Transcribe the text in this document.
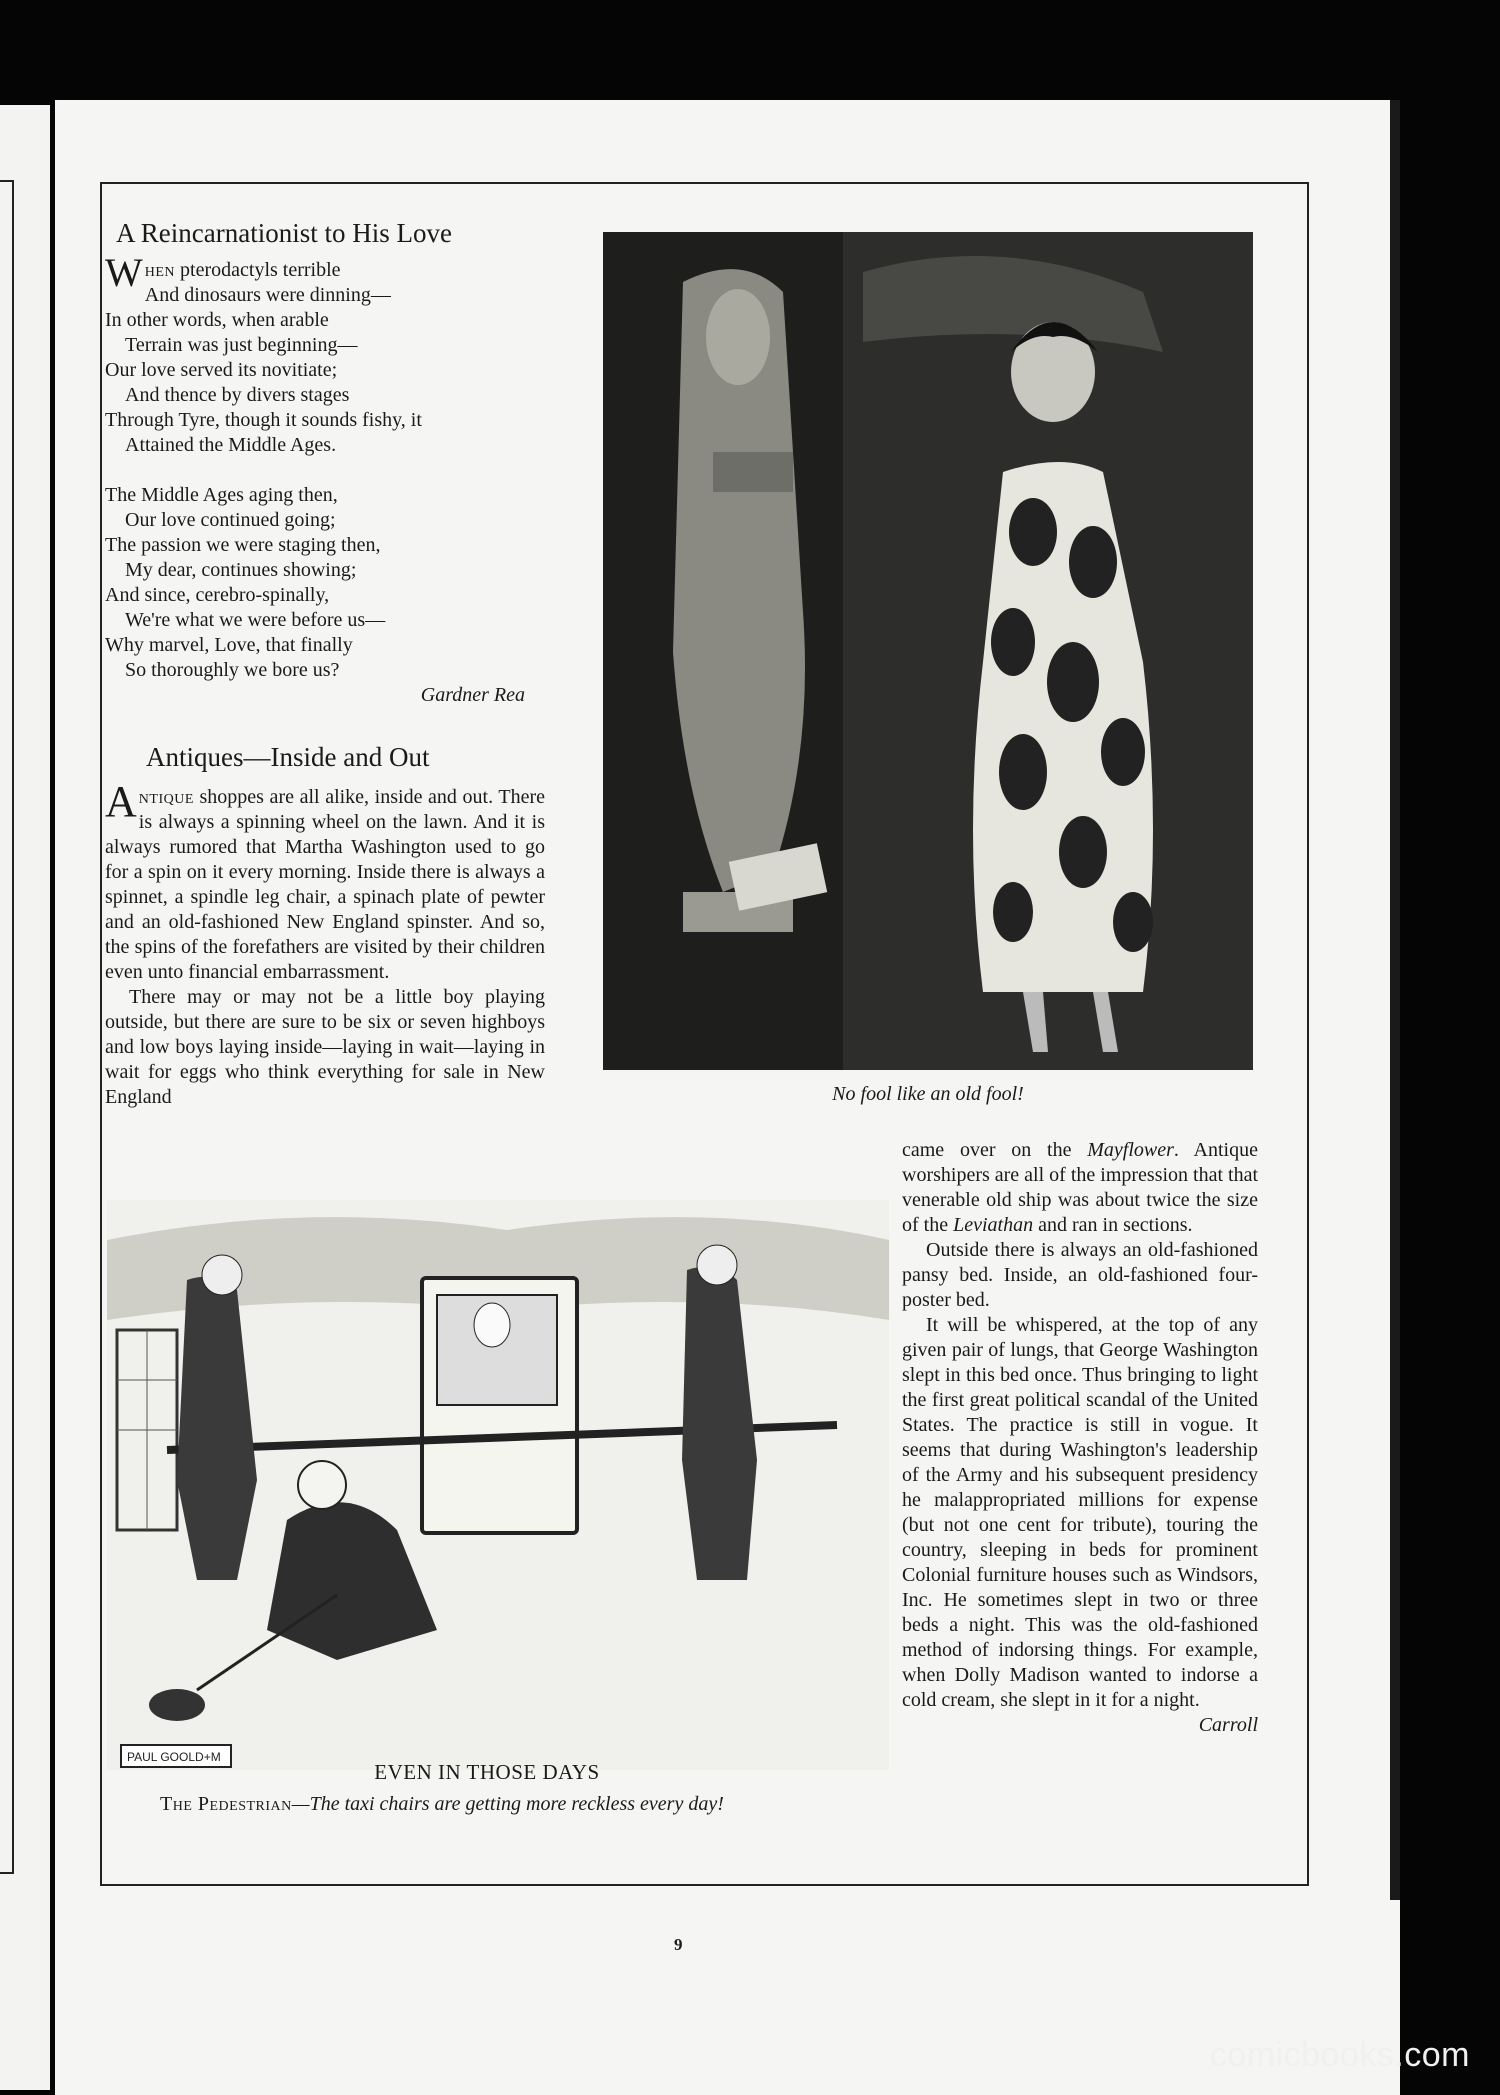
A Reincarnationist to His Love
When pterodactyls terrible
And dinosaurs were dinning—
In other words, when arable
Terrain was just beginning—
Our love served its novitiate;
And thence by divers stages
Through Tyre, though it sounds fishy, it
Attained the Middle Ages.
The Middle Ages aging then,
Our love continued going;
The passion we were staging then,
My dear, continues showing;
And since, cerebro-spinally,
We're what we were before us—
Why marvel, Love, that finally
So thoroughly we bore us?
Gardner Rea
Antiques—Inside and Out

Antique shoppes are all alike, inside and out. There is always a spinning wheel on the lawn. And it is always rumored that Martha Washington used to go for a spin on it every morning. Inside there is always a spinnet, a spindle leg chair, a spinach plate of pewter and an old-fashioned New England spinster. And so, the spins of the forefathers are visited by their children even unto financial embarrassment.

There may or may not be a little boy playing outside, but there are sure to be six or seven highboys and low boys laying inside—laying in wait—laying in wait for eggs who think everything for sale in New England

came over on the Mayflower. Antique worshipers are all of the impression that that venerable old ship was about twice the size of the Leviathan and ran in sections.

Outside there is always an old-fashioned pansy bed. Inside, an old-fashioned four-poster bed.

It will be whispered, at the top of any given pair of lungs, that George Washington slept in this bed once. Thus bringing to light the first great political scandal of the United States. The practice is still in vogue. It seems that during Washington's leadership of the Army and his subsequent presidency he malappropriated millions for expense (but not one cent for tribute), touring the country, sleeping in beds for prominent Colonial furniture houses such as Windsors, Inc. He sometimes slept in two or three beds a night. This was the old-fashioned method of indorsing things. For example, when Dolly Madison wanted to indorse a cold cream, she slept in it for a night.
Carroll

No fool like an old fool!
PAUL GOOLD+M
EVEN IN THOSE DAYS
The Pedestrian—The taxi chairs are getting more reckless every day!
9
comicbooks.com
